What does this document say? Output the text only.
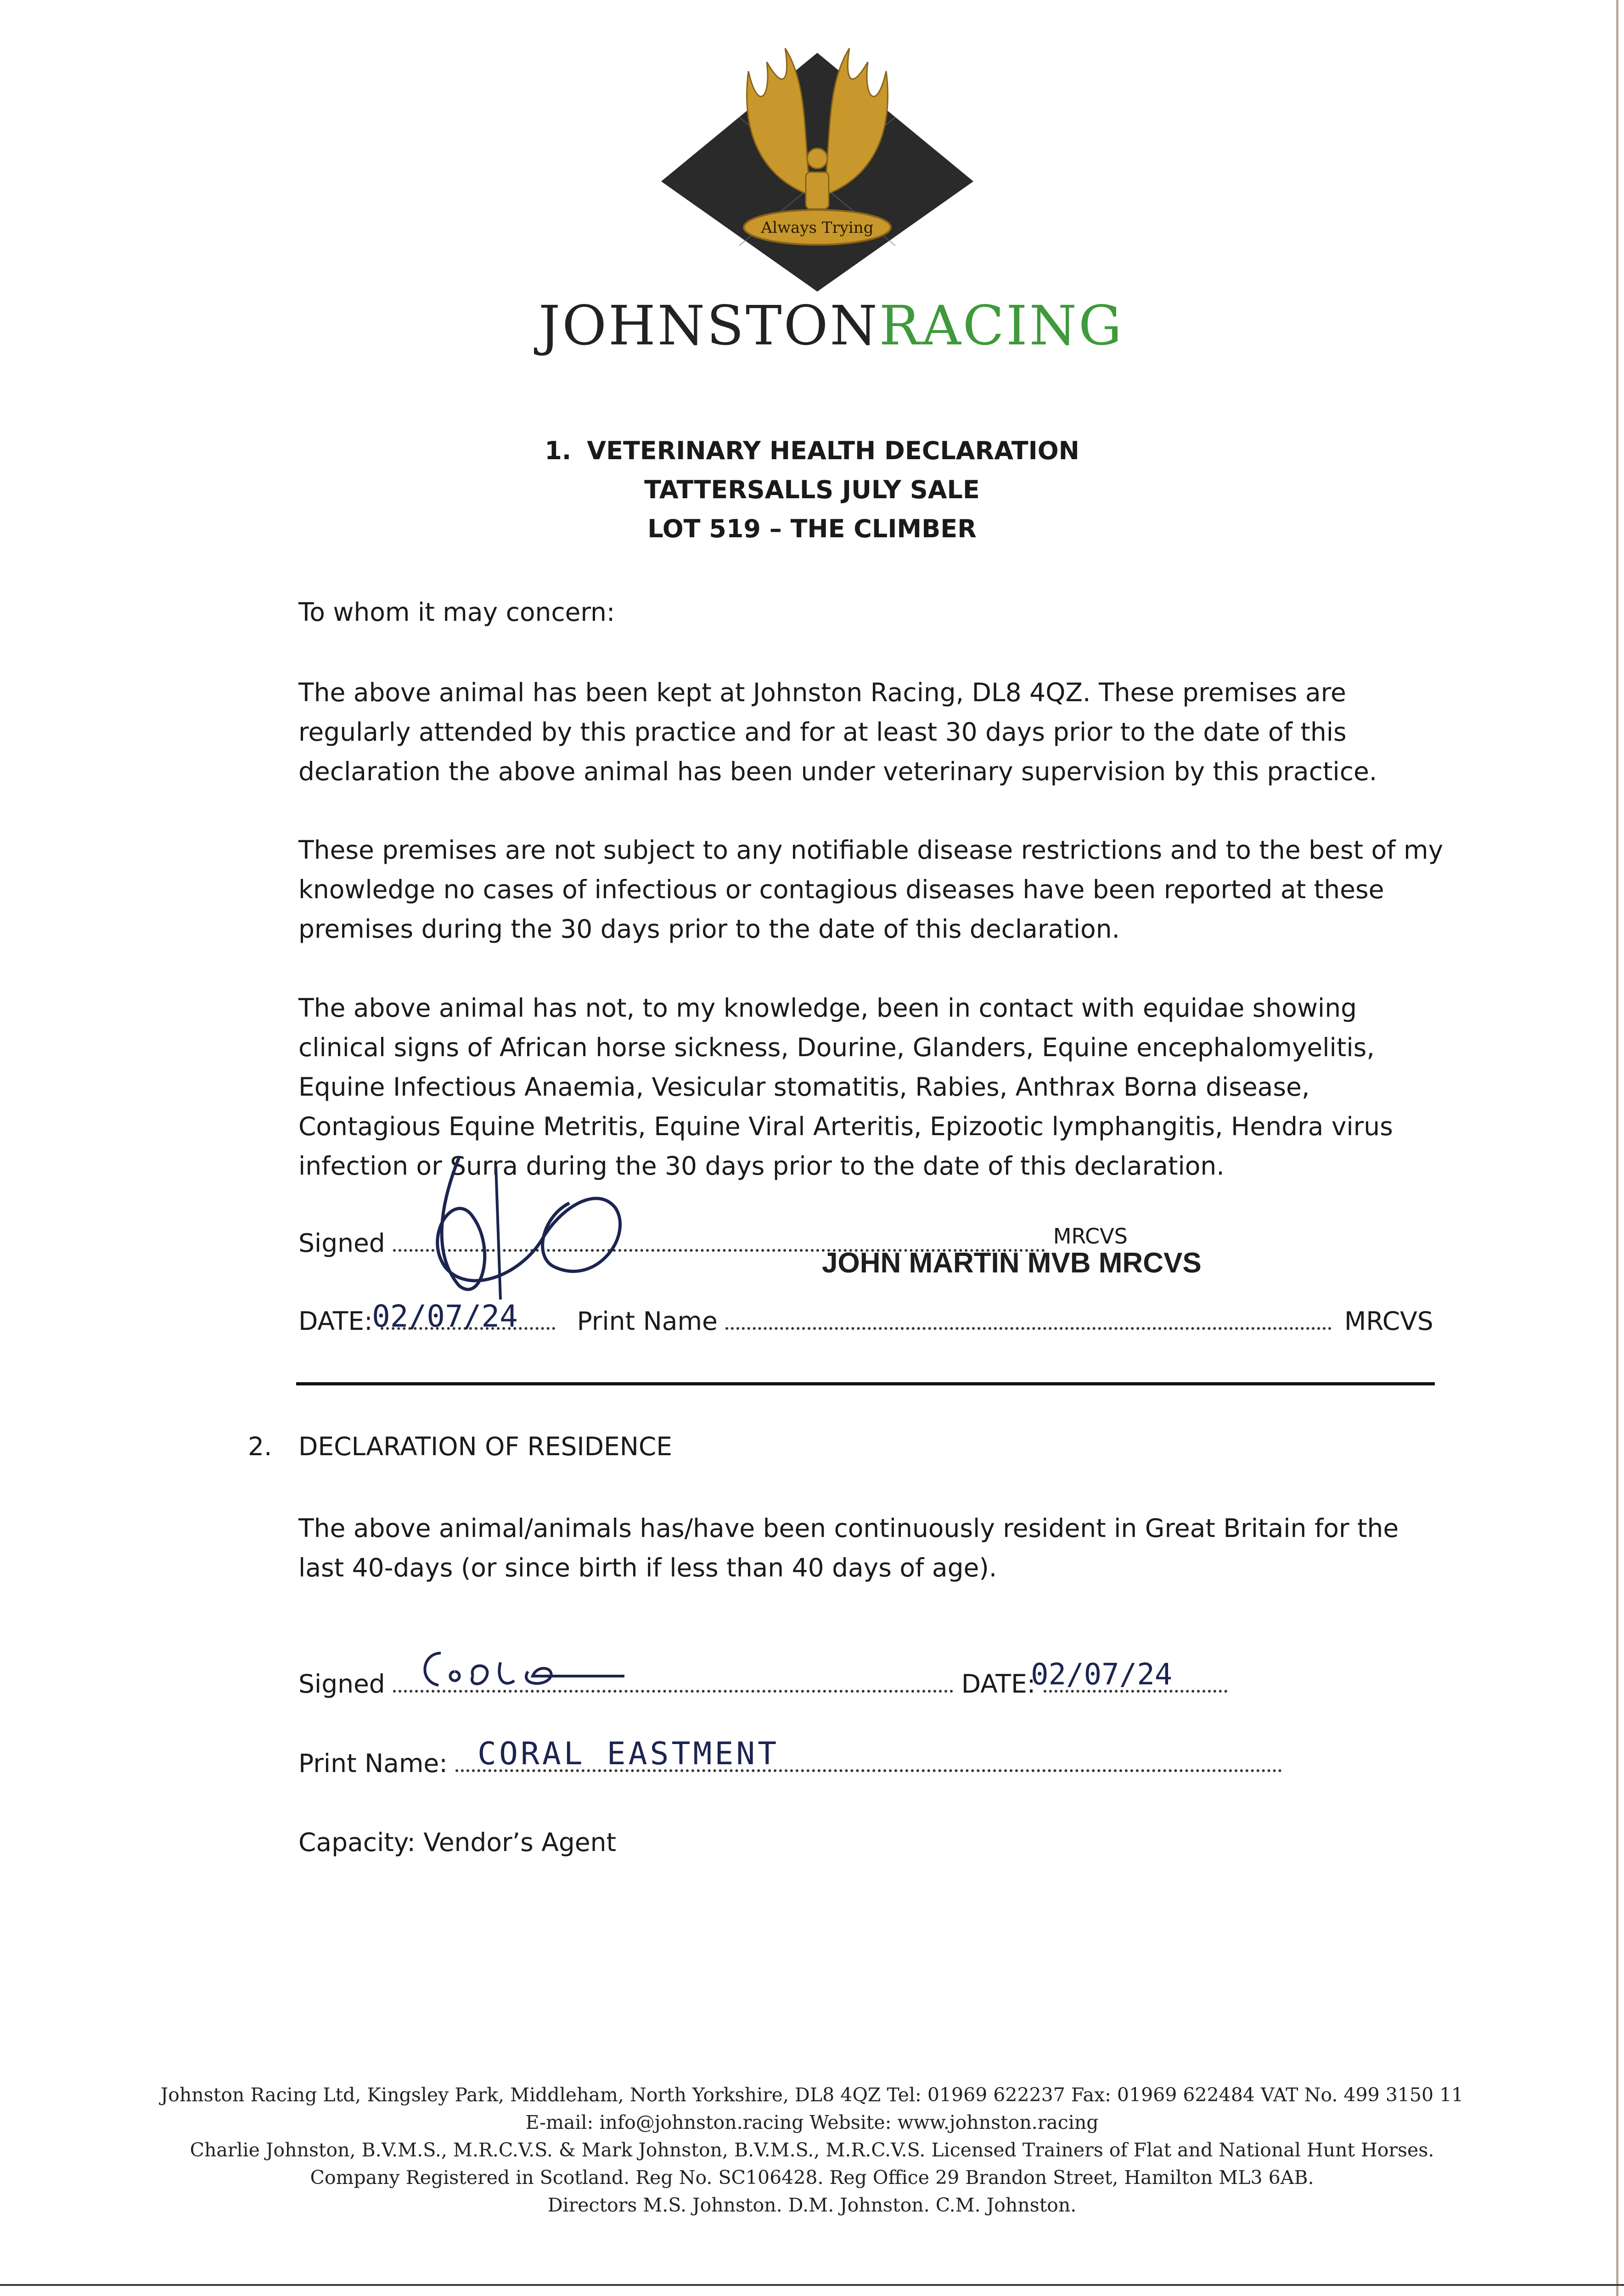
Always Trying
JOHNSTONRACING
1. VETERINARY HEALTH DECLARATION
TATTERSALLS JULY SALE
LOT 519 – THE CLIMBER
To whom it may concern:
The above animal has been kept at Johnston Racing, DL8 4QZ. These premises are regularly attended by this practice and for at least 30 days prior to the date of this declaration the above animal has been under veterinary supervision by this practice.
These premises are not subject to any notifiable disease restrictions and to the best of my knowledge no cases of infectious or contagious diseases have been reported at these premises during the 30 days prior to the date of this declaration.
The above animal has not, to my knowledge, been in contact with equidae showing clinical signs of African horse sickness, Dourine, Glanders, Equine encephalomyelitis, Equine Infectious Anaemia, Vesicular stomatitis, Rabies, Anthrax Borna disease, Contagious Equine Metritis, Equine Viral Arteritis, Epizootic lymphangitis, Hendra virus infection or Surra during the 30 days prior to the date of this declaration.
Signed	$^{MRCVS}$
JOHN MARTIN MVB MRCVS
DATE:	Print Name	MRCVS
02/07/24
2. DECLARATION OF RESIDENCE
The above animal/animals has/have been continuously resident in Great Britain for the last 40-days (or since birth if less than 40 days of age).
Signed	DATE:
02/07/24
Print Name: CORAL EASTMENT
Capacity: Vendor’s Agent
Johnston Racing Ltd, Kingsley Park, Middleham, North Yorkshire, DL8 4QZ Tel: 01969 622237 Fax: 01969 622484 VAT No. 499 3150 11
E-mail: info@johnston.racing Website: www.johnston.racing
Charlie Johnston, B.V.M.S., M.R.C.V.S. & Mark Johnston, B.V.M.S., M.R.C.V.S. Licensed Trainers of Flat and National Hunt Horses.
Company Registered in Scotland. Reg No. SC106428. Reg Office 29 Brandon Street, Hamilton ML3 6AB.
Directors M.S. Johnston. D.M. Johnston. C.M. Johnston.
